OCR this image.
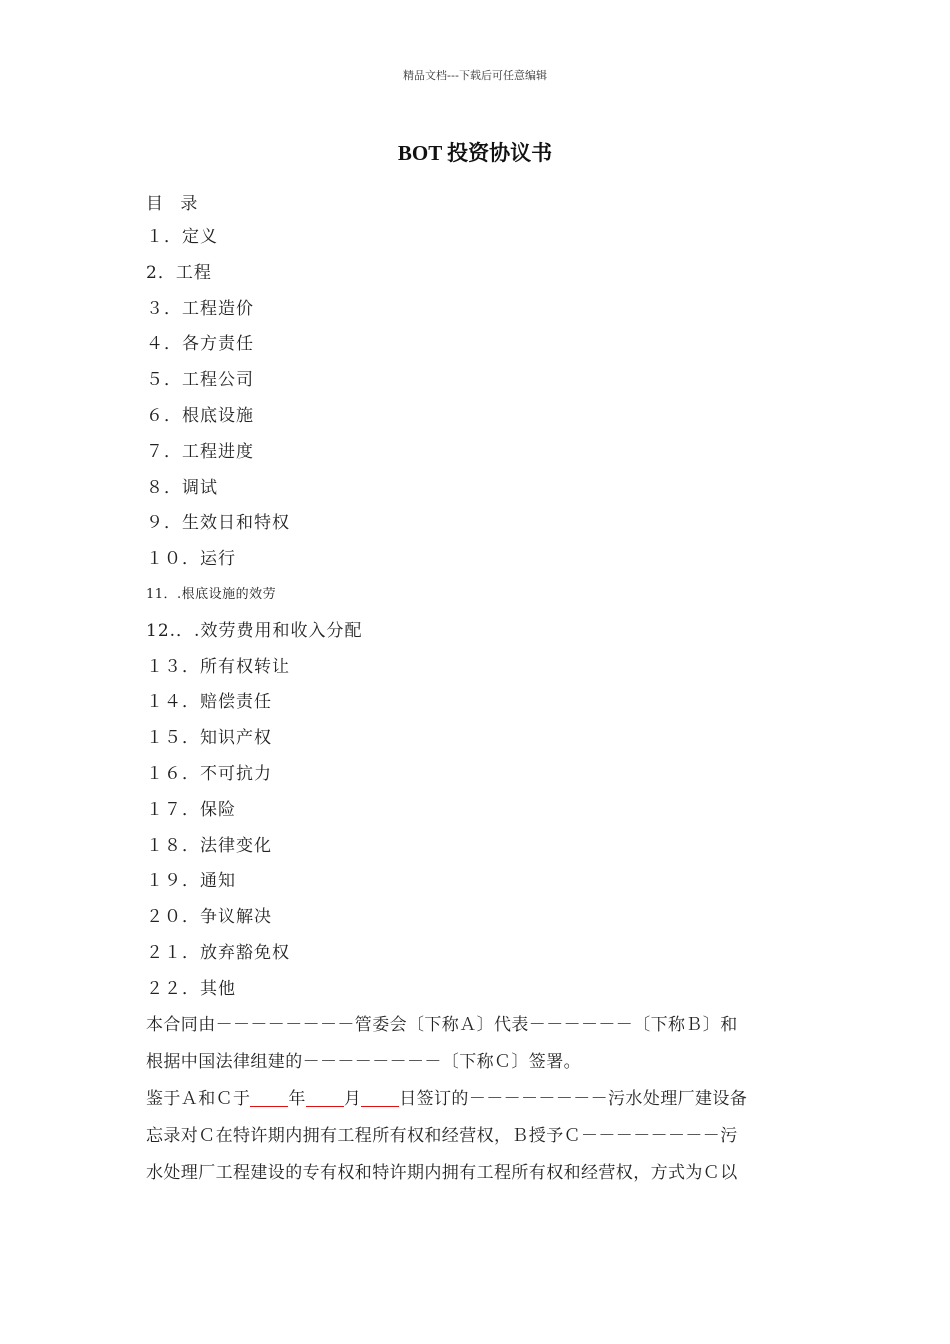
精品文档---下载后可任意编辑
BOT 投资协议书
目 录
１．定义
2．工程
３．工程造价
４．各方责任
５．工程公司
６．根底设施
７．工程进度
８．调试
９．生效日和特权
１０．运行
11．.根底设施的效劳
12.．.效劳费用和收入分配
１３．所有权转让
１４．赔偿责任
１５．知识产权
１６．不可抗力
１７．保险
１８．法律变化
１９．通知
２０．争议解决
２１．放弃豁免权
２２．其他

本合同由－－－－－－－－管委会〔下称Ａ〕代表－－－－－－〔下称Ｂ〕和

根据中国法律组建的－－－－－－－－〔下称Ｃ〕签署。

鉴于Ａ和Ｃ于 年 月 日签订的－－－－－－－－污水处理厂建设备

忘录对Ｃ在特许期内拥有工程所有权和经营权，Ｂ授予Ｃ－－－－－－－－污

水处理厂工程建设的专有权和特许期内拥有工程所有权和经营权，方式为Ｃ以
